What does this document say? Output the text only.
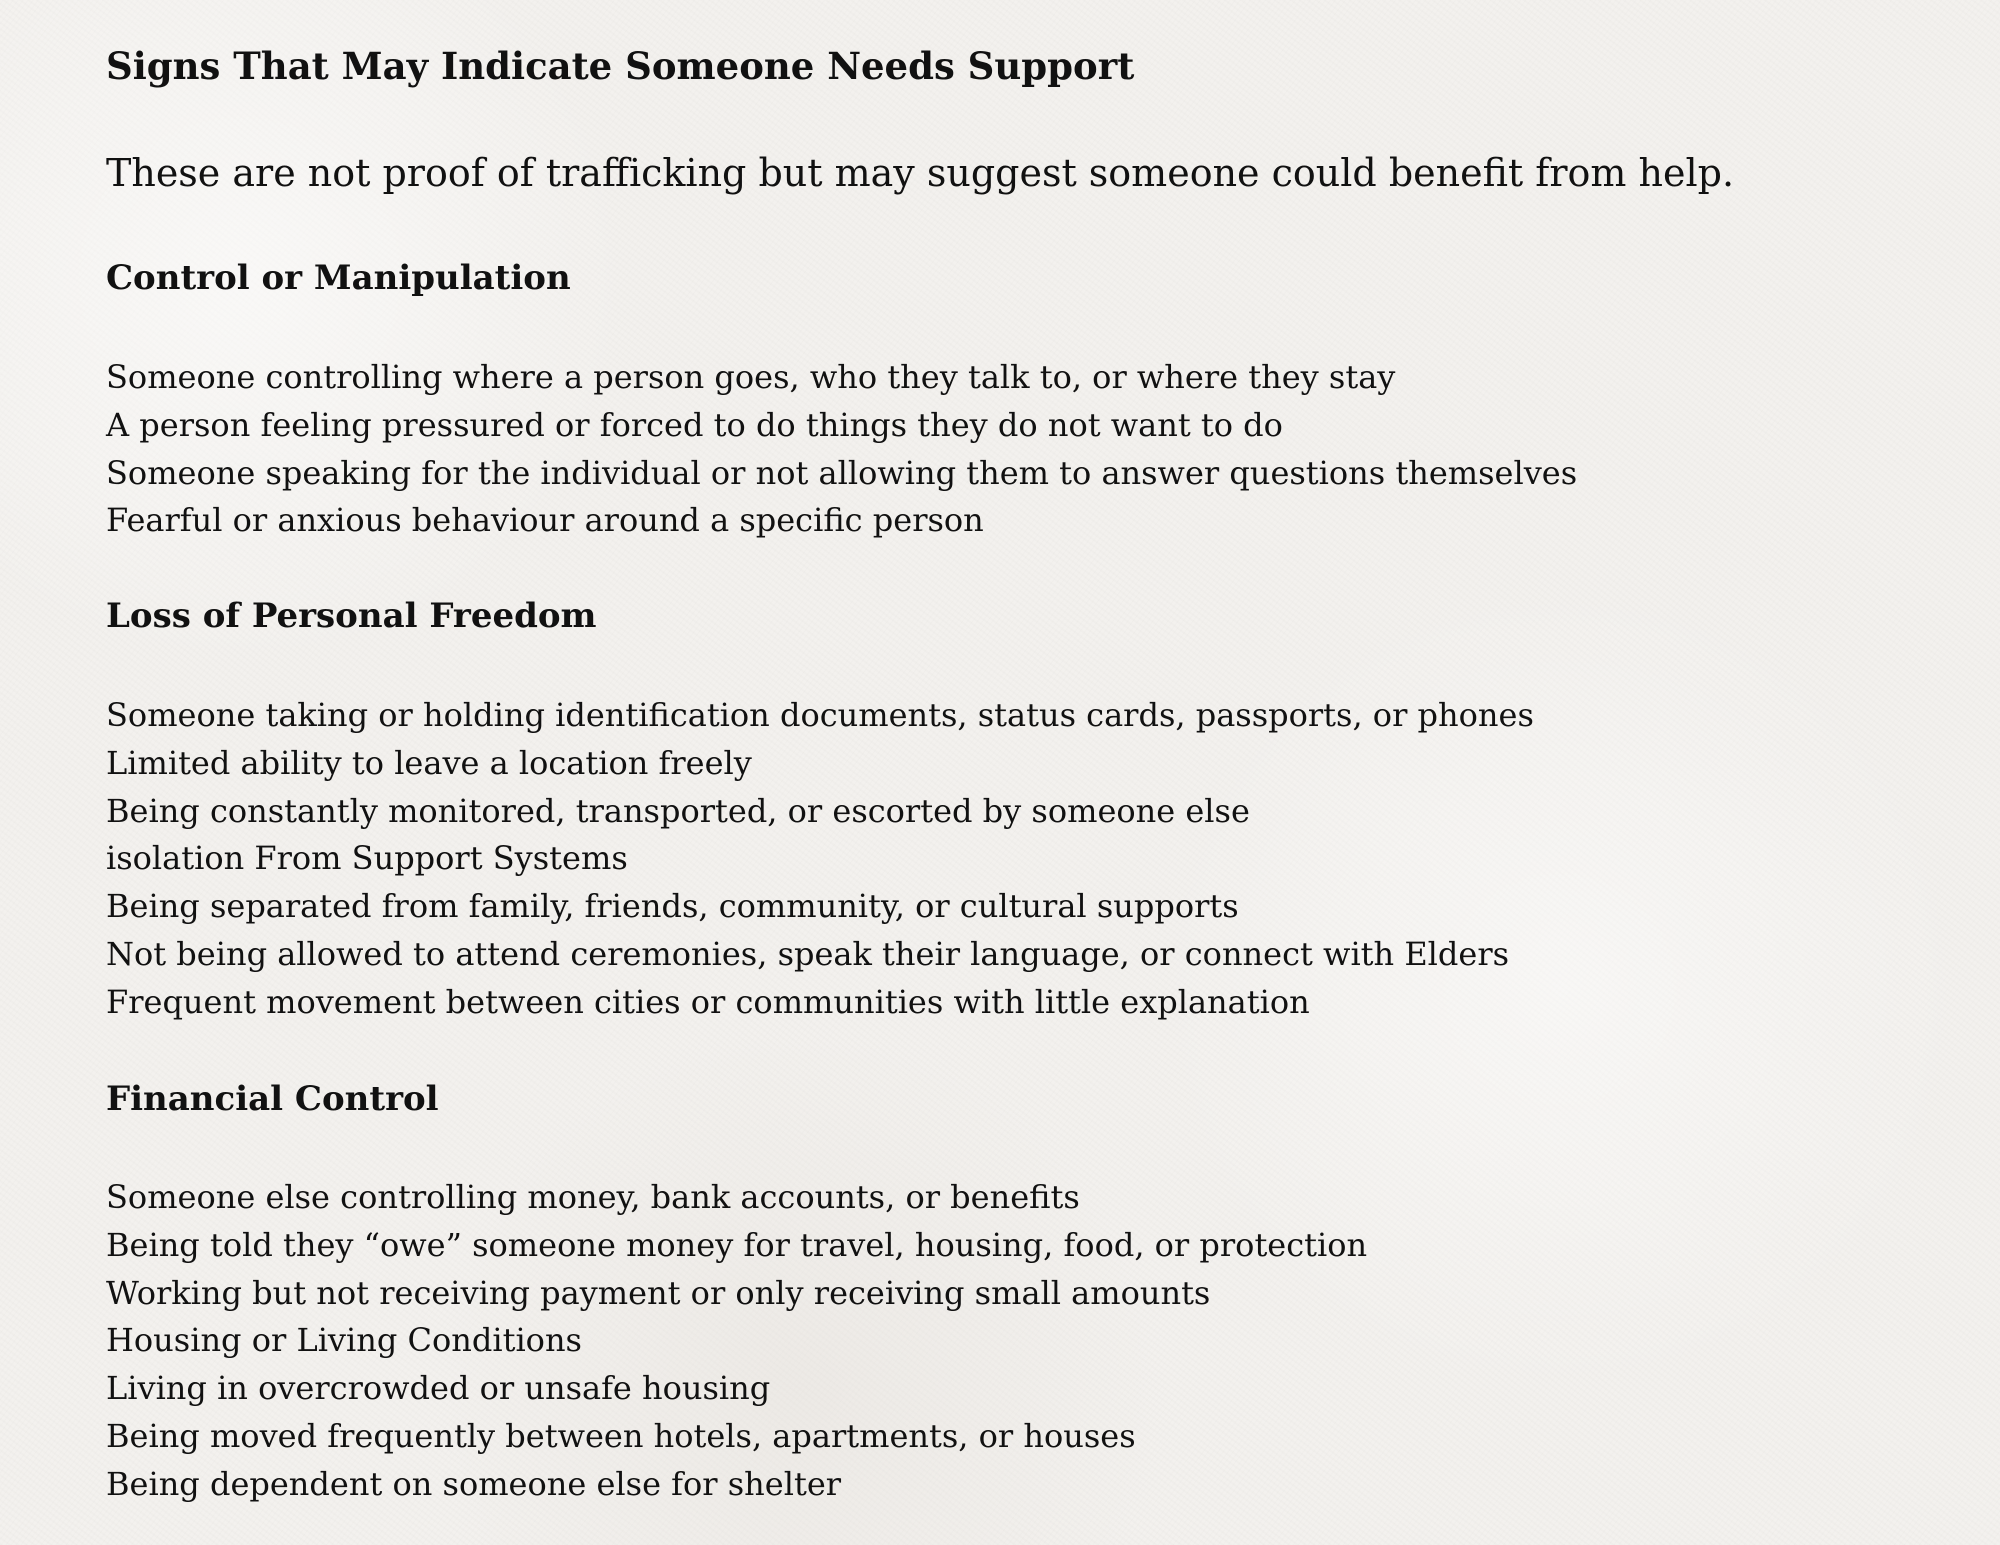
Signs That May Indicate Someone Needs Support

These are not proof of trafficking but may suggest someone could benefit from help.

Control or Manipulation
Someone controlling where a person goes, who they talk to, or where they stay
A person feeling pressured or forced to do things they do not want to do
Someone speaking for the individual or not allowing them to answer questions themselves
Fearful or anxious behaviour around a specific person
Loss of Personal Freedom
Someone taking or holding identification documents, status cards, passports, or phones
Limited ability to leave a location freely
Being constantly monitored, transported, or escorted by someone else
isolation From Support Systems
Being separated from family, friends, community, or cultural supports
Not being allowed to attend ceremonies, speak their language, or connect with Elders
Frequent movement between cities or communities with little explanation
Financial Control
Someone else controlling money, bank accounts, or benefits
Being told they “owe” someone money for travel, housing, food, or protection
Working but not receiving payment or only receiving small amounts
Housing or Living Conditions
Living in overcrowded or unsafe housing
Being moved frequently between hotels, apartments, or houses
Being dependent on someone else for shelter
